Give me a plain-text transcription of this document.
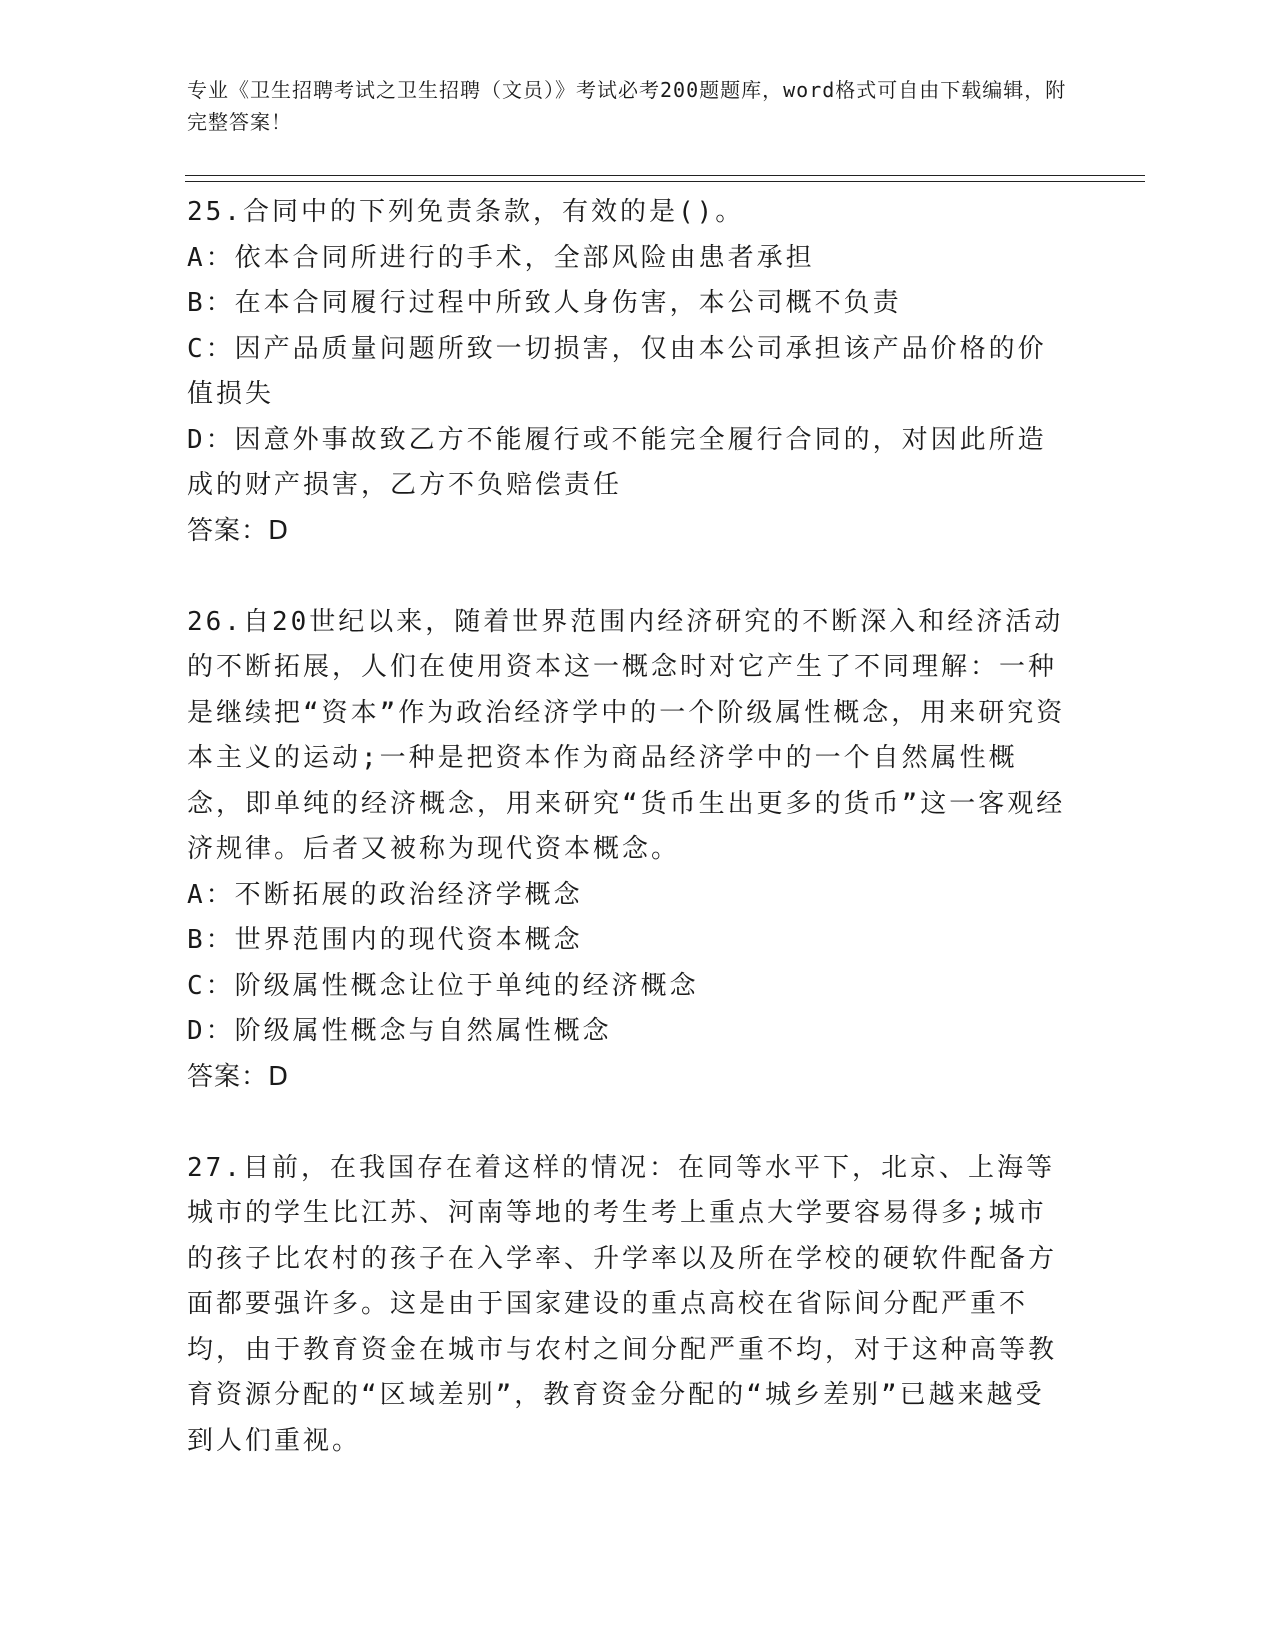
专业《卫生招聘考试之卫生招聘（文员）》考试必考200题题库，word格式可自由下载编辑，附完整答案！

25.合同中的下列免责条款，有效的是()。

A：依本合同所进行的手术，全部风险由患者承担

B：在本合同履行过程中所致人身伤害，本公司概不负责

C：因产品质量问题所致一切损害，仅由本公司承担该产品价格的价值损失

D：因意外事故致乙方不能履行或不能完全履行合同的，对因此所造成的财产损害，乙方不负赔偿责任

答案：D

26.自20世纪以来，随着世界范围内经济研究的不断深入和经济活动的不断拓展，人们在使用资本这一概念时对它产生了不同理解：一种是继续把“资本”作为政治经济学中的一个阶级属性概念，用来研究资本主义的运动;一种是把资本作为商品经济学中的一个自然属性概念，即单纯的经济概念，用来研究“货币生出更多的货币”这一客观经济规律。后者又被称为现代资本概念。

A：不断拓展的政治经济学概念

B：世界范围内的现代资本概念

C：阶级属性概念让位于单纯的经济概念

D：阶级属性概念与自然属性概念

答案：D

27.目前，在我国存在着这样的情况：在同等水平下，北京、上海等城市的学生比江苏、河南等地的考生考上重点大学要容易得多;城市的孩子比农村的孩子在入学率、升学率以及所在学校的硬软件配备方面都要强许多。这是由于国家建设的重点高校在省际间分配严重不均，由于教育资金在城市与农村之间分配严重不均，对于这种高等教育资源分配的“区域差别”，教育资金分配的“城乡差别”已越来越受到人们重视。
